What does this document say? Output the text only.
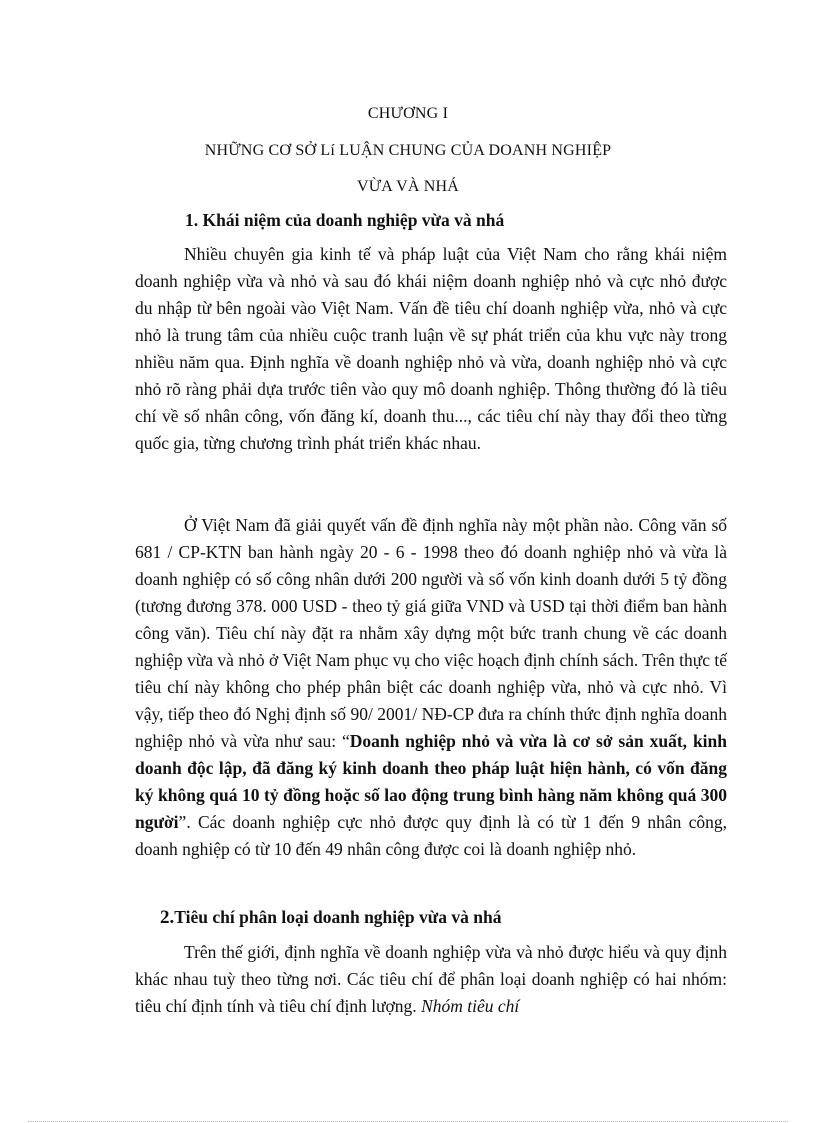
CHƯƠNG I
NHỮNG CƠ SỞ Lí LUẬN CHUNG CỦA DOANH NGHIỆP
VỪA VÀ NHÁ
1. Khái niệm của doanh nghiệp vừa và nhá
Nhiều chuyên gia kinh tế và pháp luật của Việt Nam cho rằng khái niệm doanh nghiệp vừa và nhỏ và sau đó khái niệm doanh nghiệp nhỏ và cực nhỏ được du nhập từ bên ngoài vào Việt Nam. Vấn đề tiêu chí doanh nghiệp vừa, nhỏ và cực nhỏ là trung tâm của nhiều cuộc tranh luận về sự phát triển của khu vực này trong nhiều năm qua. Định nghĩa về doanh nghiệp nhỏ và vừa, doanh nghiệp nhỏ và cực nhỏ rõ ràng phải dựa trước tiên vào quy mô doanh nghiệp. Thông thường đó là tiêu chí về số nhân công, vốn đăng kí, doanh thu..., các tiêu chí này thay đổi theo từng quốc gia, từng chương trình phát triển khác nhau.
Ở Việt Nam đã giải quyết vấn đề định nghĩa này một phần nào. Công văn số 681 / CP-KTN ban hành ngày 20 - 6 - 1998 theo đó doanh nghiệp nhỏ và vừa là doanh nghiệp có số công nhân dưới 200 người và số vốn kinh doanh dưới 5 tỷ đồng (tương đương 378. 000 USD - theo tỷ giá giữa VND và USD tại thời điểm ban hành công văn). Tiêu chí này đặt ra nhằm xây dựng một bức tranh chung về các doanh nghiệp vừa và nhỏ ở Việt Nam phục vụ cho việc hoạch định chính sách. Trên thực tế tiêu chí này không cho phép phân biệt các doanh nghiệp vừa, nhỏ và cực nhỏ. Vì vậy, tiếp theo đó Nghị định số 90/ 2001/ NĐ-CP đưa ra chính thức định nghĩa doanh nghiệp nhỏ và vừa như sau: “Doanh nghiệp nhỏ và vừa là cơ sở sản xuất, kinh doanh độc lập, đã đăng ký kinh doanh theo pháp luật hiện hành, có vốn đăng ký không quá 10 tỷ đồng hoặc số lao động trung bình hàng năm không quá 300 người”. Các doanh nghiệp cực nhỏ được quy định là có từ 1 đến 9 nhân công, doanh nghiệp có từ 10 đến 49 nhân công được coi là doanh nghiệp nhỏ.
2.Tiêu chí phân loại doanh nghiệp vừa và nhá
Trên thế giới, định nghĩa về doanh nghiệp vừa và nhỏ được hiểu và quy định khác nhau tuỳ theo từng nơi. Các tiêu chí để phân loại doanh nghiệp có hai nhóm: tiêu chí định tính và tiêu chí định lượng. Nhóm tiêu chí
